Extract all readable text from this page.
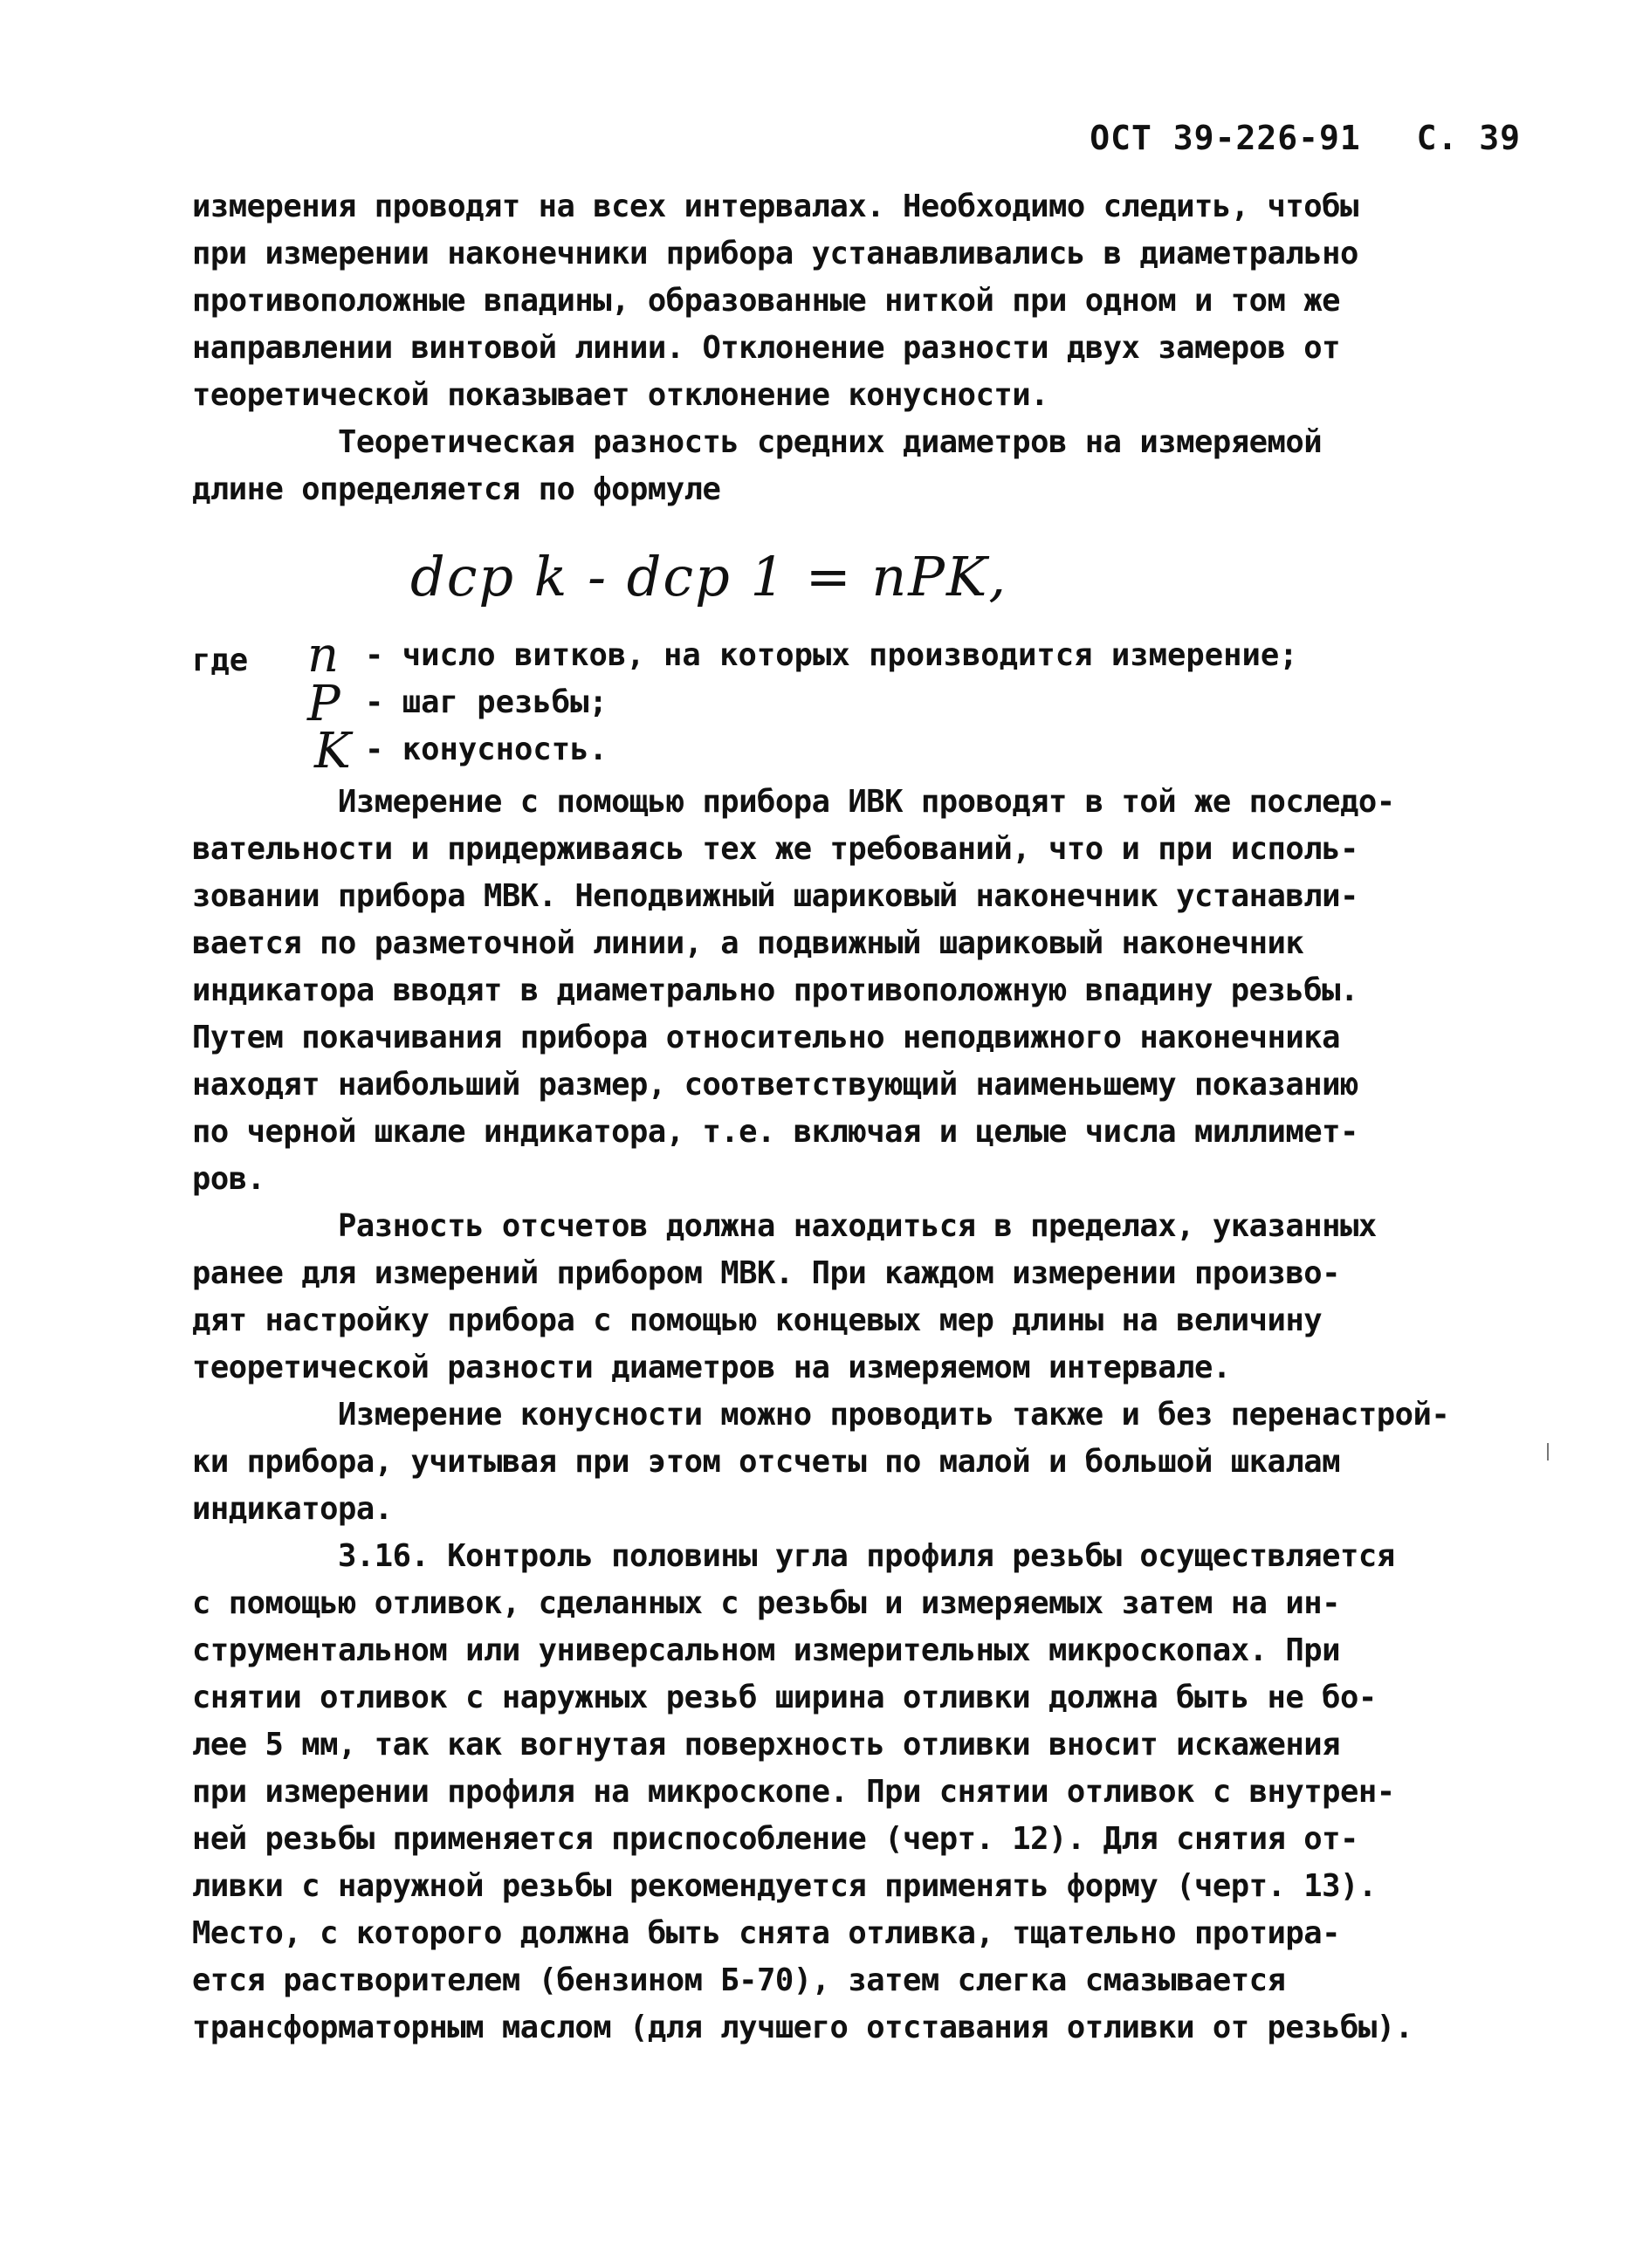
ОСТ 39-226-91 С. 39
измерения проводят на всех интервалах. Необходимо следить, чтобы
при измерении наконечники прибора устанавливались в диаметрально
противоположные впадины, образованные ниткой при одном и том же
направлении винтовой линии. Отклонение разности двух замеров от
теоретической показывает отклонение конусности.
Теоретическая разность средних диаметров на измеряемой
длине определяется по формуле
dср k - dср 1 = nPK,
где n - число витков, на которых производится измерение;
P - шаг резьбы;
K - конусность.
Измерение с помощью прибора ИВК проводят в той же последо-
вательности и придерживаясь тех же требований, что и при исполь-
зовании прибора МВК. Неподвижный шариковый наконечник устанавли-
вается по разметочной линии, а подвижный шариковый наконечник
индикатора вводят в диаметрально противоположную впадину резьбы.
Путем покачивания прибора относительно неподвижного наконечника
находят наибольший размер, соответствующий наименьшему показанию
по черной шкале индикатора, т.е. включая и целые числа миллимет-
ров.
Разность отсчетов должна находиться в пределах, указанных
ранее для измерений прибором МВК. При каждом измерении произво-
дят настройку прибора с помощью концевых мер длины на величину
теоретической разности диаметров на измеряемом интервале.
Измерение конусности можно проводить также и без перенастрой-
ки прибора, учитывая при этом отсчеты по малой и большой шкалам
индикатора.
3.16. Контроль половины угла профиля резьбы осуществляется
с помощью отливок, сделанных с резьбы и измеряемых затем на ин-
струментальном или универсальном измерительных микроскопах. При
снятии отливок с наружных резьб ширина отливки должна быть не бо-
лее 5 мм, так как вогнутая поверхность отливки вносит искажения
при измерении профиля на микроскопе. При снятии отливок с внутрен-
ней резьбы применяется приспособление (черт. 12). Для снятия от-
ливки с наружной резьбы рекомендуется применять форму (черт. 13).
Место, с которого должна быть снята отливка, тщательно протира-
ется растворителем (бензином Б-70), затем слегка смазывается
трансформаторным маслом (для лучшего отставания отливки от резьбы).
